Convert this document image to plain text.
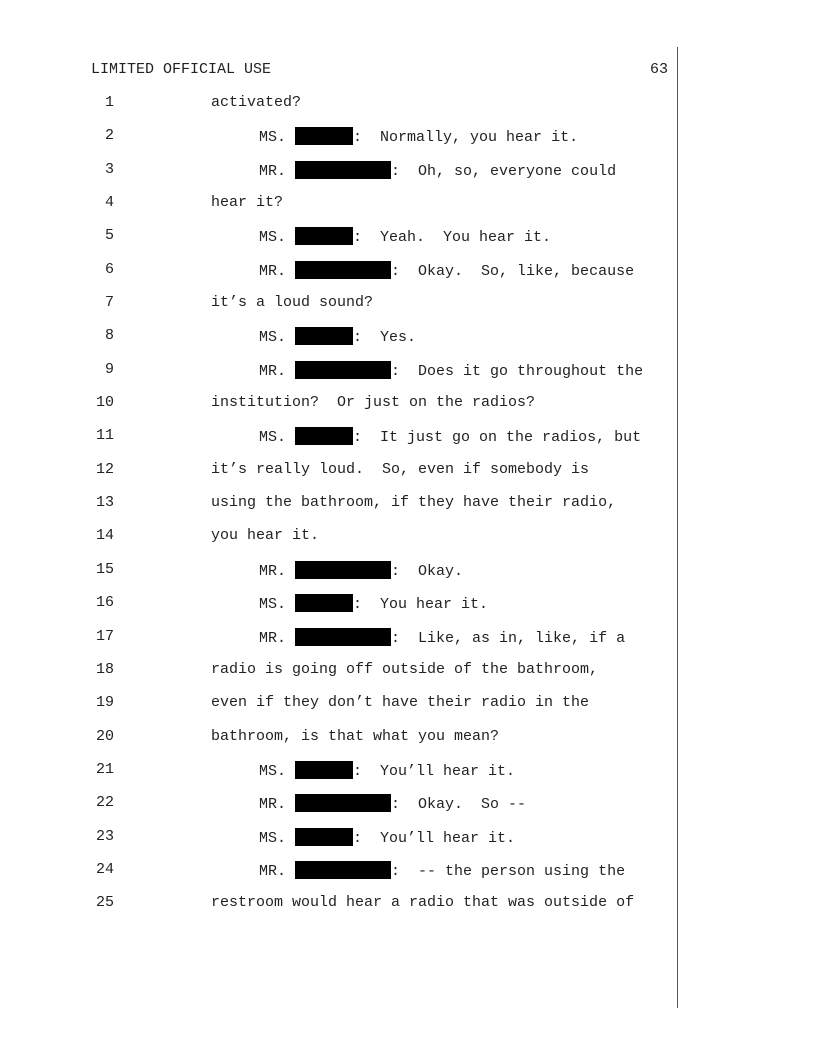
LIMITED OFFICIAL USE	63
1	activated?
2	MS.	:  Normally, you hear it.
3	MR.	:  Oh, so, everyone could
4	hear it?
5	MS.	:  Yeah.  You hear it.
6	MR.	:  Okay.  So, like, because
7	it’s a loud sound?
8	MS.	:  Yes.
9	MR.	:  Does it go throughout the
10	institution?  Or just on the radios?
11	MS.	:  It just go on the radios, but
12	it’s really loud.  So, even if somebody is
13	using the bathroom, if they have their radio,
14	you hear it.
15	MR.	:  Okay.
16	MS.	:  You hear it.
17	MR.	:  Like, as in, like, if a
18	radio is going off outside of the bathroom,
19	even if they don’t have their radio in the
20	bathroom, is that what you mean?
21	MS.	:  You’ll hear it.
22	MR.	:  Okay.  So --
23	MS.	:  You’ll hear it.
24	MR.	:  -- the person using the
25	restroom would hear a radio that was outside of
